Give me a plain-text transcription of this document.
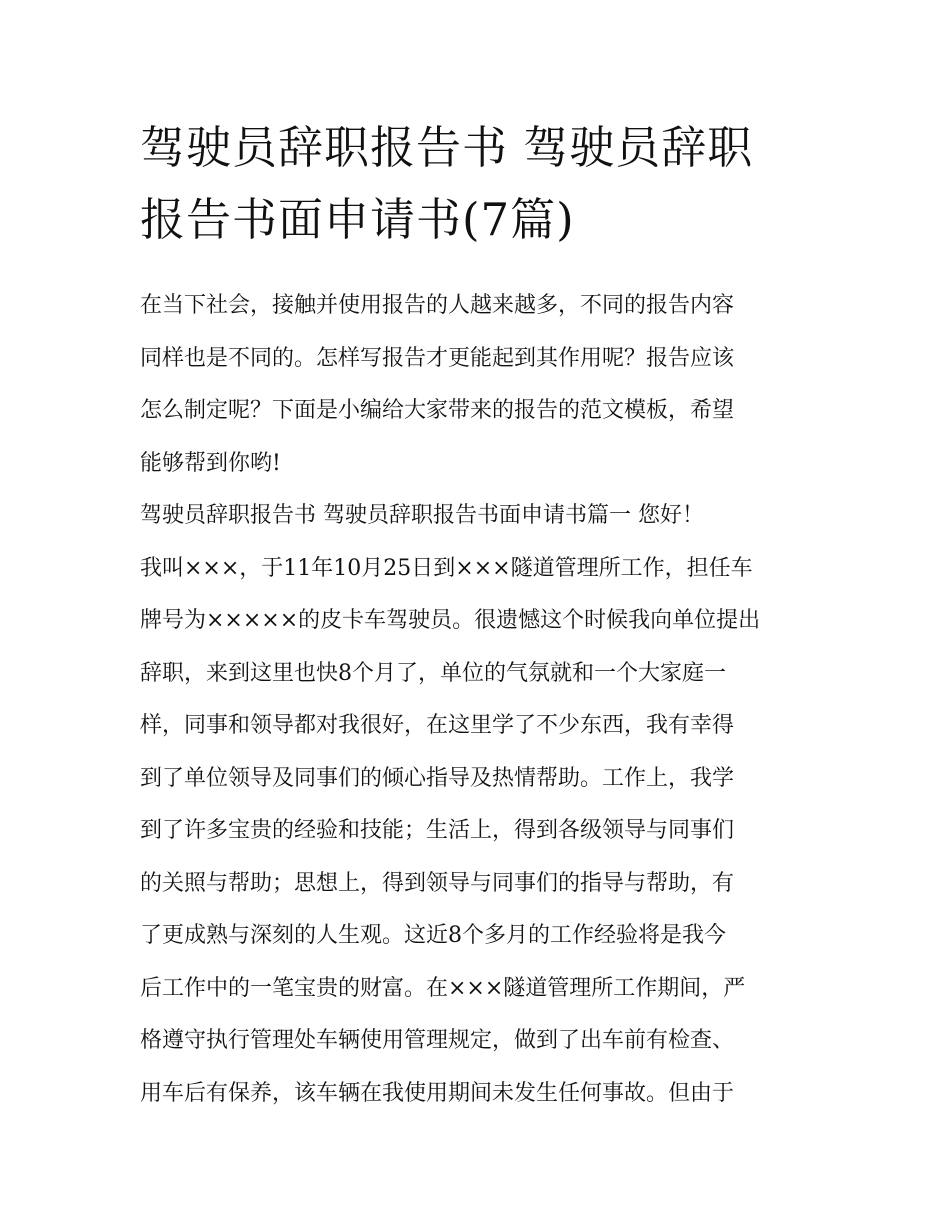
驾驶员辞职报告书 驾驶员辞职
报告书面申请书(7篇)
在当下社会，接触并使用报告的人越来越多，不同的报告内容
同样也是不同的。怎样写报告才更能起到其作用呢？报告应该
怎么制定呢？下面是小编给大家带来的报告的范文模板，希望
能够帮到你哟!
驾驶员辞职报告书 驾驶员辞职报告书面申请书篇一 您好！
我叫×××，于11年10月25日到×××隧道管理所工作，担任车
牌号为×××××的皮卡车驾驶员。很遗憾这个时候我向单位提出
辞职，来到这里也快8个月了，单位的气氛就和一个大家庭一
样，同事和领导都对我很好，在这里学了不少东西，我有幸得
到了单位领导及同事们的倾心指导及热情帮助。工作上，我学
到了许多宝贵的经验和技能；生活上，得到各级领导与同事们
的关照与帮助；思想上，得到领导与同事们的指导与帮助，有
了更成熟与深刻的人生观。这近8个多月的工作经验将是我今
后工作中的一笔宝贵的财富。在×××隧道管理所工作期间，严
格遵守执行管理处车辆使用管理规定，做到了出车前有检查、
用车后有保养，该车辆在我使用期间未发生任何事故。但由于
